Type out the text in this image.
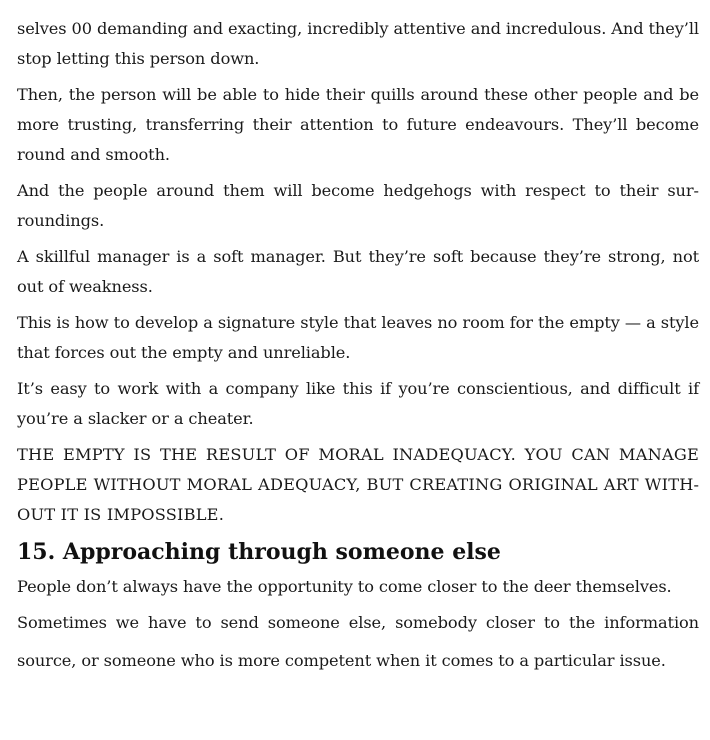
selves 00 demanding and exacting, incredibly attentive and incredulous. And they’ll stop letting this person down.

Then, the person will be able to hide their quills around these other people and be more trusting, transferring their attention to future endeavours. They’ll become round and smooth.

And the people around them will become hedgehogs with respect to their surroundings.

A skillful manager is a soft manager. But they’re soft because they’re strong, not out of weakness.

This is how to develop a signature style that leaves no room for the empty — a style that forces out the empty and unreliable.

It’s easy to work with a company like this if you’re conscientious, and difficult if you’re a slacker or a cheater.

THE EMPTY IS THE RESULT OF MORAL INADEQUACY. YOU CAN MANAGE PEOPLE WITHOUT MORAL ADEQUACY, BUT CREATING ORIGINAL ART WITHOUT IT IS IMPOSSIBLE.

15. Approaching through someone else

People don’t always have the opportunity to come closer to the deer themselves.

Sometimes we have to send someone else, somebody closer to the information source, or someone who is more competent when it comes to a particular issue.
